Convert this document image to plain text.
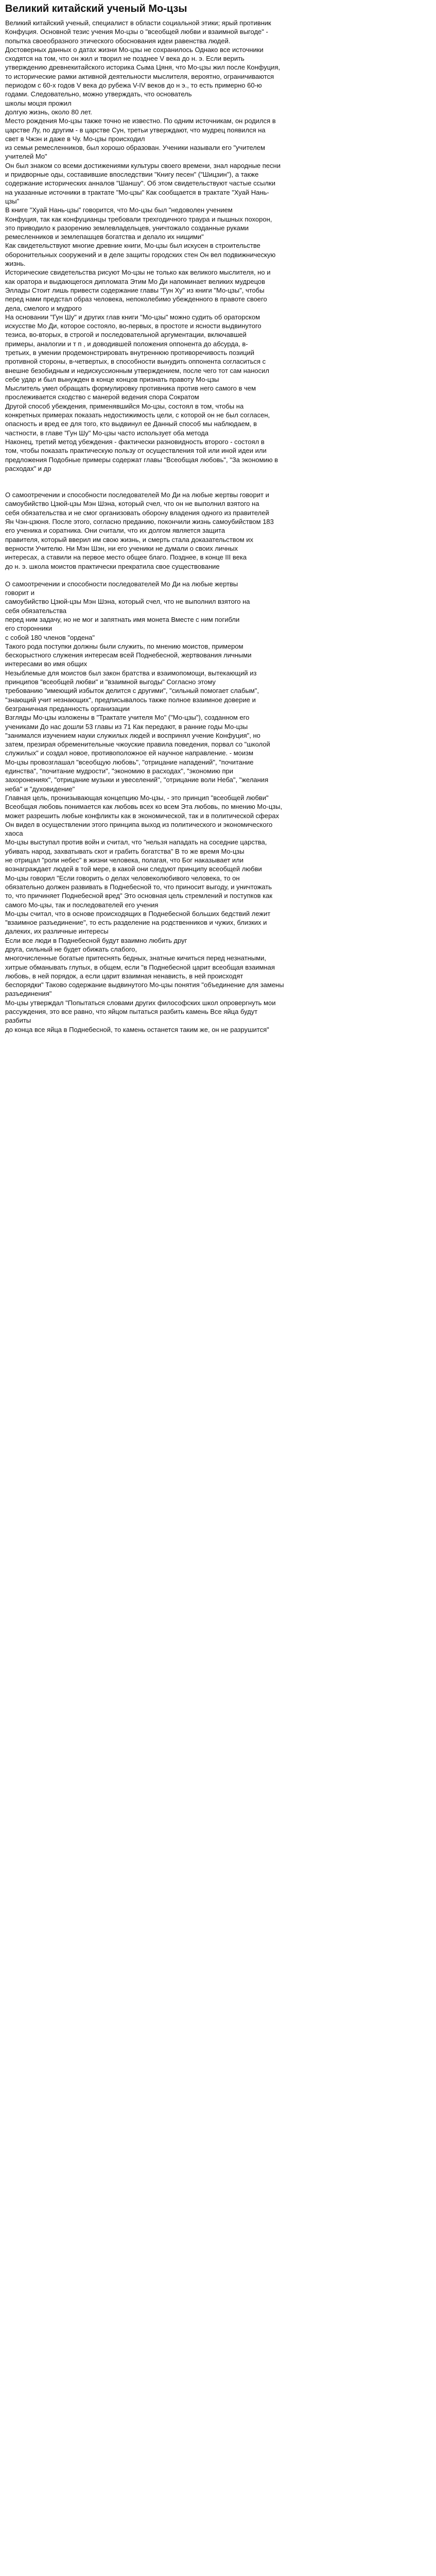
Великий китайский ученый Мо-цзы
Великий китайский ученый, специалист в области социальной этики; ярый противник
Конфуция. Основной тезис учения Мо-цзы о "всеобщей любви и взаимной выгоде" -
попытка своеобразного этического обоснования идеи равенства людей.
Достоверных данных о датах жизни Мо-цзы не сохранилось Однако все источники
сходятся на том, что он жил и творил не позднее V века до н. э. Если верить
утверждению древнекитайского историка Сыма Цяня, что Мо-цзы жил после Конфуция,
то исторические рамки активной деятельности мыслителя, вероятно, ограничиваются
периодом с 60-х годов V века до рубежа V-IV веков до н э., то есть примерно 60-ю
годами. Следовательно, можно утверждать, что основатель
школы моцзя прожил
долгую жизнь, около 80 лет.
Место рождения Мо-цзы также точно не известно. По одним источникам, он родился в
царстве Лу, по другим - в царстве Сун, третьи утверждают, что мудрец появился на
свет в Чжэн и даже в Чу. Мо-цзы происходил
из семьи ремесленников, был хорошо образован. Ученики называли его "учителем
учителей Мо"
Он был знаком со всеми достижениями культуры своего времени, знал народные песни
и придворные оды, составившие впоследствии "Книгу песен" ("Шицзин"), а также
содержание исторических анналов "Шаншу". Об этом свидетельствуют частые ссылки
на указанные источники в трактате "Мо-цзы" Как сообщается в трактате "Хуай Нань-
цзы"
В книге "Хуай Нань-цзы" говорится, что Мо-цзы был "недоволен учением
Конфуция, так как конфуцианцы требовали трехгодичного траура и пышных похорон,
это приводило к разорению землевладельцев, уничтожало созданные руками
ремесленников и землепашцев богатства и делало их нищими"
Как свидетельствуют многие древние книги, Мо-цзы был искусен в строительстве
оборонительных сооружений и в деле защиты городских стен Он вел подвижническую
жизнь.
Исторические свидетельства рисуют Мо-цзы не только как великого мыслителя, но и
как оратора и выдающегося дипломата Этим Мо Ди напоминает великих мудрецов
Эллады Стоит лишь привести содержание главы "Гун Ху" из книги "Мо-цзы", чтобы
перед нами предстал образ человека, непоколебимо убежденного в правоте своего
дела, смелого и мудрого
На основании "Гун Шу" и других глав книги "Мо-цзы" можно судить об ораторском
искусстве Мо Ди, которое состояло, во-первых, в простоте и ясности выдвинутого
тезиса, во-вторых, в строгой и последовательной аргументации, включавшей
примеры, аналогии и т п , и доводившей положения оппонента до абсурда, в-
третьих, в умении продемонстрировать внутреннюю противоречивость позиций
противной стороны, в-четвертых, в способности вынудить оппонента согласиться с
внешне безобидным и недискуссионным утверждением, после чего тот сам наносил
себе удар и был вынужден в конце концов признать правоту Мо-цзы
Мыслитель умел обращать формулировку противника против него самого в чем
прослеживается сходство с манерой ведения спора Сократом
Другой способ убеждения, применявшийся Мо-цзы, состоял в том, чтобы на
конкретных примерах показать недостижимость цели, с которой он не был согласен,
опасность и вред ее для того, кто выдвинул ее Данный способ мы наблюдаем, в
частности, в главе "Гун Шу" Мо-цзы часто использует оба метода
Наконец, третий метод убеждения - фактически разновидность второго - состоял в
том, чтобы показать практическую пользу от осуществления той или иной идеи или
предложения Подобные примеры содержат главы "Всеобщая любовь", "За экономию в
расходах" и др
О самоотречении и способности последователей Мо Ди на любые жертвы говорит и
самоубийство Цзюй-цзы Мэн Шэна, который счел, что он не выполнил взятого на
себя обязательства и не смог организовать оборону владения одного из правителей
Ян Чэн-цзюня. После этого, согласно преданию, покончили жизнь самоубийством 183
его ученика и соратника. Они считали, что их долгом является защита
правителя, который вверил им свою жизнь, и смерть стала доказательством их
верности Учителю. Ни Мэн Шэн, ни его ученики не думали о своих личных
интересах, а ставили на первое место общее благо. Позднее, в конце III века
до н. э. школа моистов практически прекратила свое существование
О самоотречении и способности последователей Мо Ди на любые жертвы
говорит и
самоубийство Цзюй-цзы Мэн Шэна, который счел, что не выполнил взятого на
себя обязательства
перед ним задачу, но не мог и запятнать имя монета Вместе с ним погибли
его сторонники
с собой 180 членов "ордена"
Такого рода поступки должны были служить, по мнению моистов, примером
бескорыстного служения интересам всей Поднебесной, жертвования личными
интересами во имя общих
Незыблемые для моистов был закон братства и взаимопомощи, вытекающий из
принципов "всеобщей любви" и "взаимной выгоды" Согласно этому
требованию "имеющий избыток делится с другими", "сильный помогает слабым",
"знающий учит незнающих", предписывалось также полное взаимное доверие и
безграничная преданность организации
Взгляды Мо-цзы изложены в "Трактате учителя Мо" ("Мо-цзы"), созданном его
учениками До нас дошли 53 главы из 71 Как передают, в ранние годы Мо-цзы
"занимался изучением науки служилых людей и воспринял учение Конфуция", но
затем, презирая обременительные чжоуские правила поведения, порвал со "школой
служилых" и создал новое, противоположное ей научное направление. - моизм
Мо-цзы провозглашал "всеобщую любовь", "отрицание нападений", "почитание
единства", "почитание мудрости", "экономию в расходах", "экономию при
захоронениях", "отрицание музыки и увеселений", "отрицание воли Неба", "желания
неба" и "духовидение"
Главная цель, пронизывающая концепцию Мо-цзы, - это принцип "всеобщей любви"
Всеобщая любовь понимается как любовь всех ко всем Эта любовь, по мнению Мо-цзы,
может разрешить любые конфликты как в экономической, так и в политической сферах
Он видел в осуществлении этого принципа выход из политического и экономического
хаоса
Мо-цзы выступал против войн и считал, что "нельзя нападать на соседние царства,
убивать народ, захватывать скот и грабить богатства" В то же время Мо-цзы
не отрицал "роли небес" в жизни человека, полагая, что Бог наказывает или
вознаграждает людей в той мере, в какой они следуют принципу всеобщей любви
Мо-цзы говорил "Если говорить о делах человеколюбивого человека, то он
обязательно должен развивать в Поднебесной то, что приносит выгоду, и уничтожать
то, что причиняет Поднебесной вред" Это основная цель стремлений и поступков как
самого Мо-цзы, так и последователей его учения
Мо-цзы считал, что в основе происходящих в Поднебесной больших бедствий лежит
"взаимное разъединение", то есть разделение на родственников и чужих, близких и
далеких, их различные интересы
Если все люди в Поднебесной будут взаимно любить друг
друга, сильный не будет обижать слабого,
многочисленные богатые притеснять бедных, знатные кичиться перед незнатными,
хитрые обманывать глупых, в общем, если "в Поднебесной царит всеобщая взаимная
любовь, в ней порядок, а если царит взаимная ненависть, в ней происходят
беспорядки" Таково содержание выдвинутого Мо-цзы понятия "объединение для замены
разъединения"
Мо-цзы утверждал "Попытаться словами других философских школ опровергнуть мои
рассуждения, это все равно, что яйцом пытаться разбить камень Все яйца будут
разбиты
до конца все яйца в Поднебесной, то камень останется таким же, он не разрушится"
